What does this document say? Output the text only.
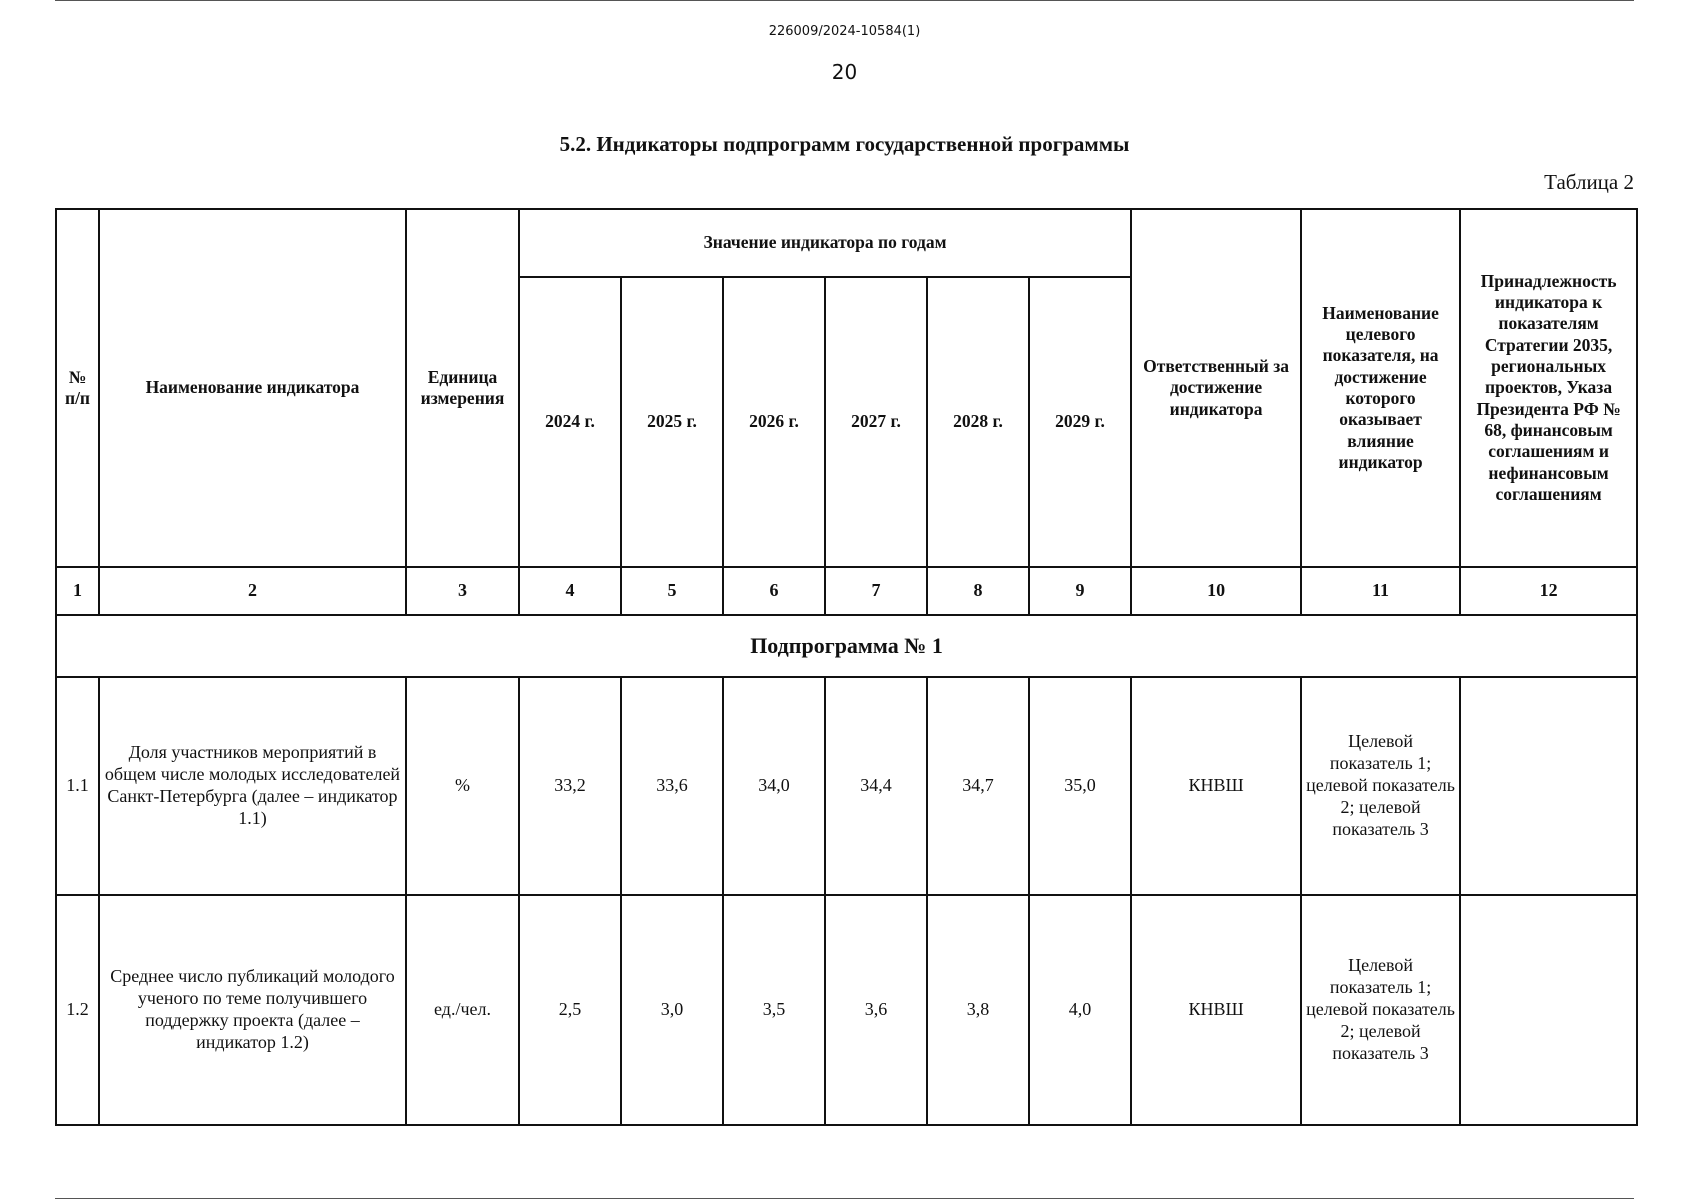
226009/2024-10584(1)
20
5.2. Индикаторы подпрограмм государственной программы
Таблица 2
№ п/п	Наименование индикатора	Единица измерения	Значение индикатора по годам						Ответственный за достижение индикатора	Наименование целевого показателя, на достижение которого оказывает влияние индикатор	Принадлежность индикатора к показателям Стратегии 2035, региональных проектов, Указа Президента РФ № 68, финансовым соглашениям и нефинансовым соглашениям
			2024 г.	2025 г.	2026 г.	2027 г.	2028 г.	2029 г.			
1	2	3	4	5	6	7	8	9	10	11	12
Подпрограмма № 1											
1.1	Доля участников мероприятий в общем числе молодых исследователей Санкт-Петербурга (далее – индикатор 1.1)	%	33,2	33,6	34,0	34,4	34,7	35,0	КНВШ	Целевой показатель 1; целевой показатель 2; целевой показатель 3	
1.2	Среднее число публикаций молодого ученого по теме получившего поддержку проекта (далее – индикатор 1.2)	ед./чел.	2,5	3,0	3,5	3,6	3,8	4,0	КНВШ	Целевой показатель 1; целевой показатель 2; целевой показатель 3	
